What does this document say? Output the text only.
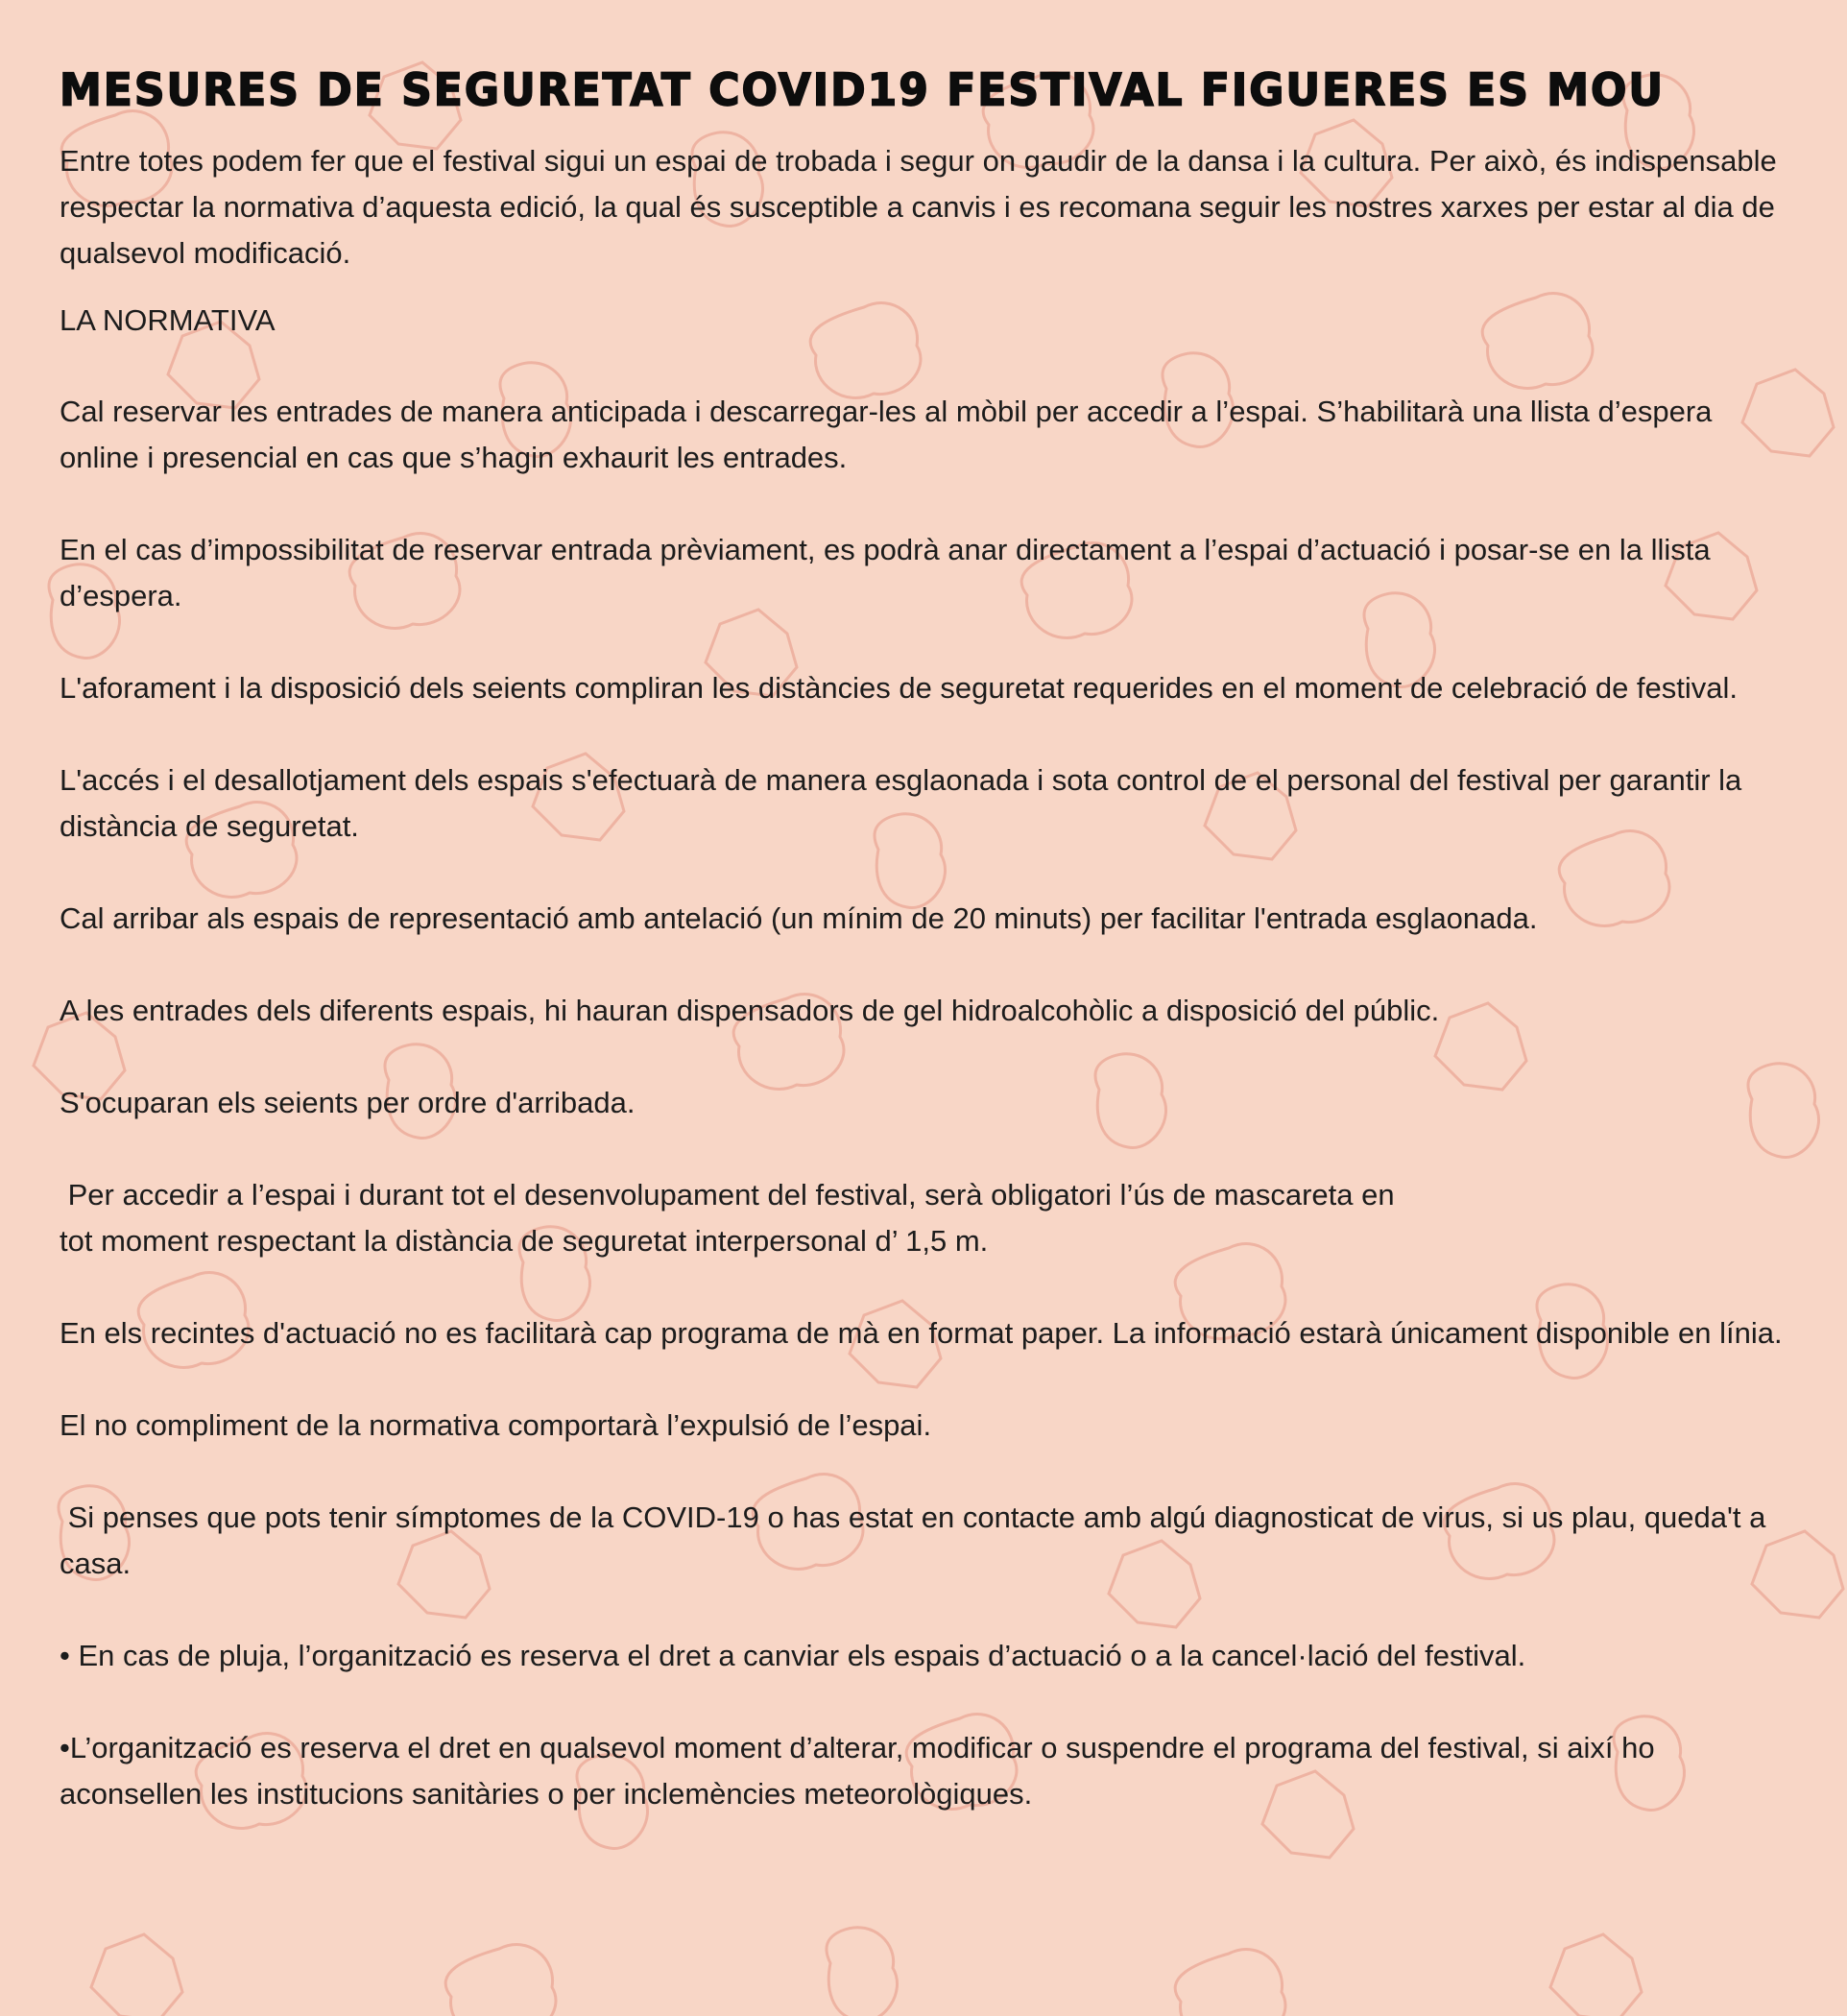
MESURES DE SEGURETAT COVID19 FESTIVAL FIGUERES ES MOU

Entre totes podem fer que el festival sigui un espai de trobada i segur on gaudir de la dansa i la cultura. Per això, és indispensable respectar la normativa d’aquesta edició, la qual és susceptible a canvis i es recomana seguir les nostres xarxes per estar al dia de qualsevol modificació.

LA NORMATIVA

Cal reservar les entrades de manera anticipada i descarregar-les al mòbil per accedir a l’espai. S’habilitarà una llista d’espera online i presencial en cas que s’hagin exhaurit les entrades.

En el cas d’impossibilitat de reservar entrada prèviament, es podrà anar directament a l’espai d’actuació i posar-se en la llista d’espera.

L'aforament i la disposició dels seients compliran les distàncies de seguretat requerides en el moment de celebració de festival.

L'accés i el desallotjament dels espais s'efectuarà de manera esglaonada i sota control de el personal del festival per garantir la distància de seguretat.

Cal arribar als espais de representació amb antelació (un mínim de 20 minuts) per facilitar l'entrada esglaonada.

A les entrades dels diferents espais, hi hauran dispensadors de gel hidroalcohòlic a disposició del públic.

S'ocuparan els seients per ordre d'arribada.

Per accedir a l’espai i durant tot el desenvolupament del festival, serà obligatori l’ús de mascareta en

tot moment respectant la distància de seguretat interpersonal d’ 1,5 m.

En els recintes d'actuació no es facilitarà cap programa de mà en format paper. La informació estarà únicament disponible en línia.

El no compliment de la normativa comportarà l’expulsió de l’espai.

Si penses que pots tenir símptomes de la COVID-19 o has estat en contacte amb algú diagnosticat de virus, si us plau, queda't a casa.

• En cas de pluja, l’organització es reserva el dret a canviar els espais d’actuació o a la cancel·lació del festival.

•L’organització es reserva el dret en qualsevol moment d’alterar, modificar o suspendre el programa del festival, si així ho aconsellen les institucions sanitàries o per inclemències meteorològiques.
